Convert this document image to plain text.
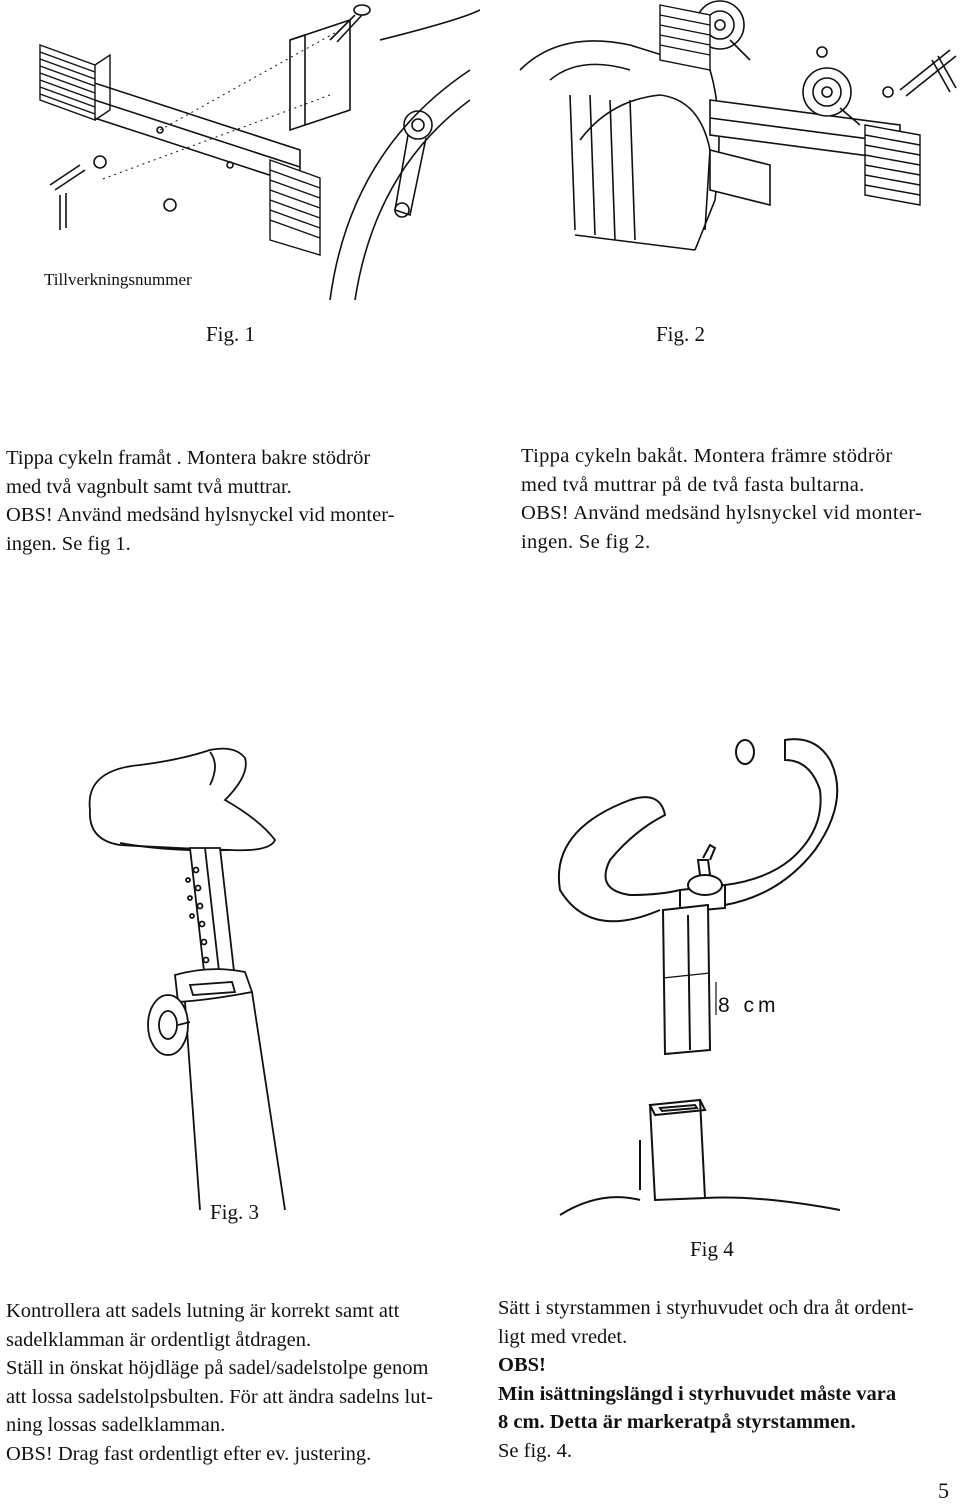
Tillverkningsnummer
Fig. 1	Fig. 2
Tippa cykeln framåt . Montera bakre stödrör
med två vagnbult samt två muttrar.
OBS! Använd medsänd hylsnyckel vid monter-
ingen. Se fig 1.
Tippa cykeln bakåt. Montera främre stödrör
med två muttrar på de två fasta bultarna.
OBS! Använd medsänd hylsnyckel vid monter-
ingen. Se fig 2.
Fig. 3
8 cm
Fig 4
Kontrollera att sadels lutning är korrekt samt att
sadelklamman är ordentligt åtdragen.
Ställ in önskat höjdläge på sadel/sadelstolpe genom
att lossa sadelstolpsbulten. För att ändra sadelns lut-
ning lossas sadelklamman.
OBS! Drag fast ordentligt efter ev. justering.
Sätt i styrstammen i styrhuvudet och dra åt ordent-
ligt med vredet.
OBS!
Min isättningslängd i styrhuvudet måste vara
8 cm. Detta är markeratpå styrstammen.
Se fig. 4.
5
